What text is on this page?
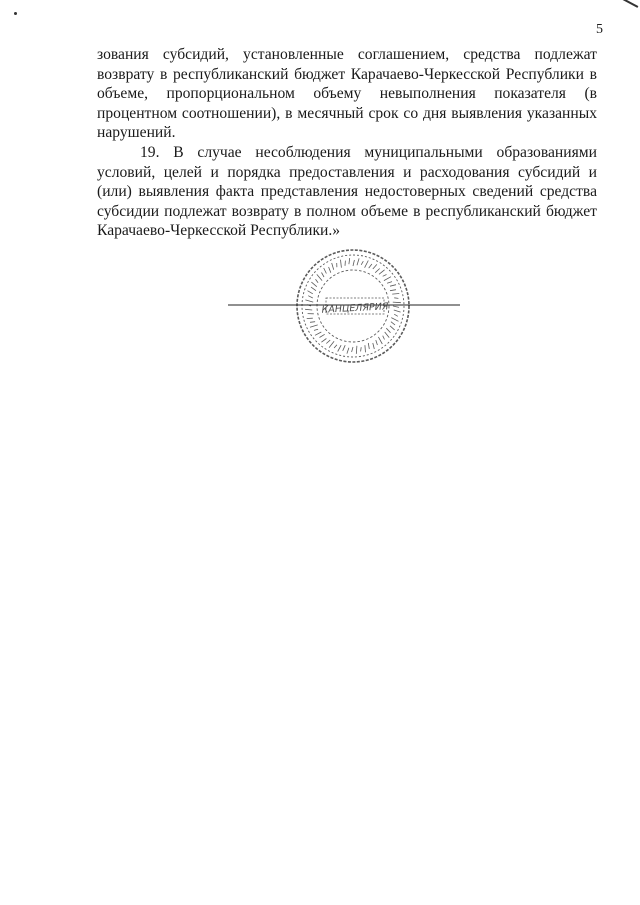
5

зования субсидий, установленные соглашением, средства подлежат возврату в республиканский бюджет Карачаево-Черкесской Республики в объеме, пропорциональном объему невыполнения показателя (в процентном соотношении), в месячный срок со дня выявления указанных нарушений.

19. В случае несоблюдения муниципальными образованиями условий, целей и порядка предоставления и расходования субсидий и (или) выявления факта представления недостоверных сведений средства субсидии подлежат возврату в полном объеме в республиканский бюджет Карачаево-Черкесской Республики.»

КАНЦЕЛЯРИЯ
